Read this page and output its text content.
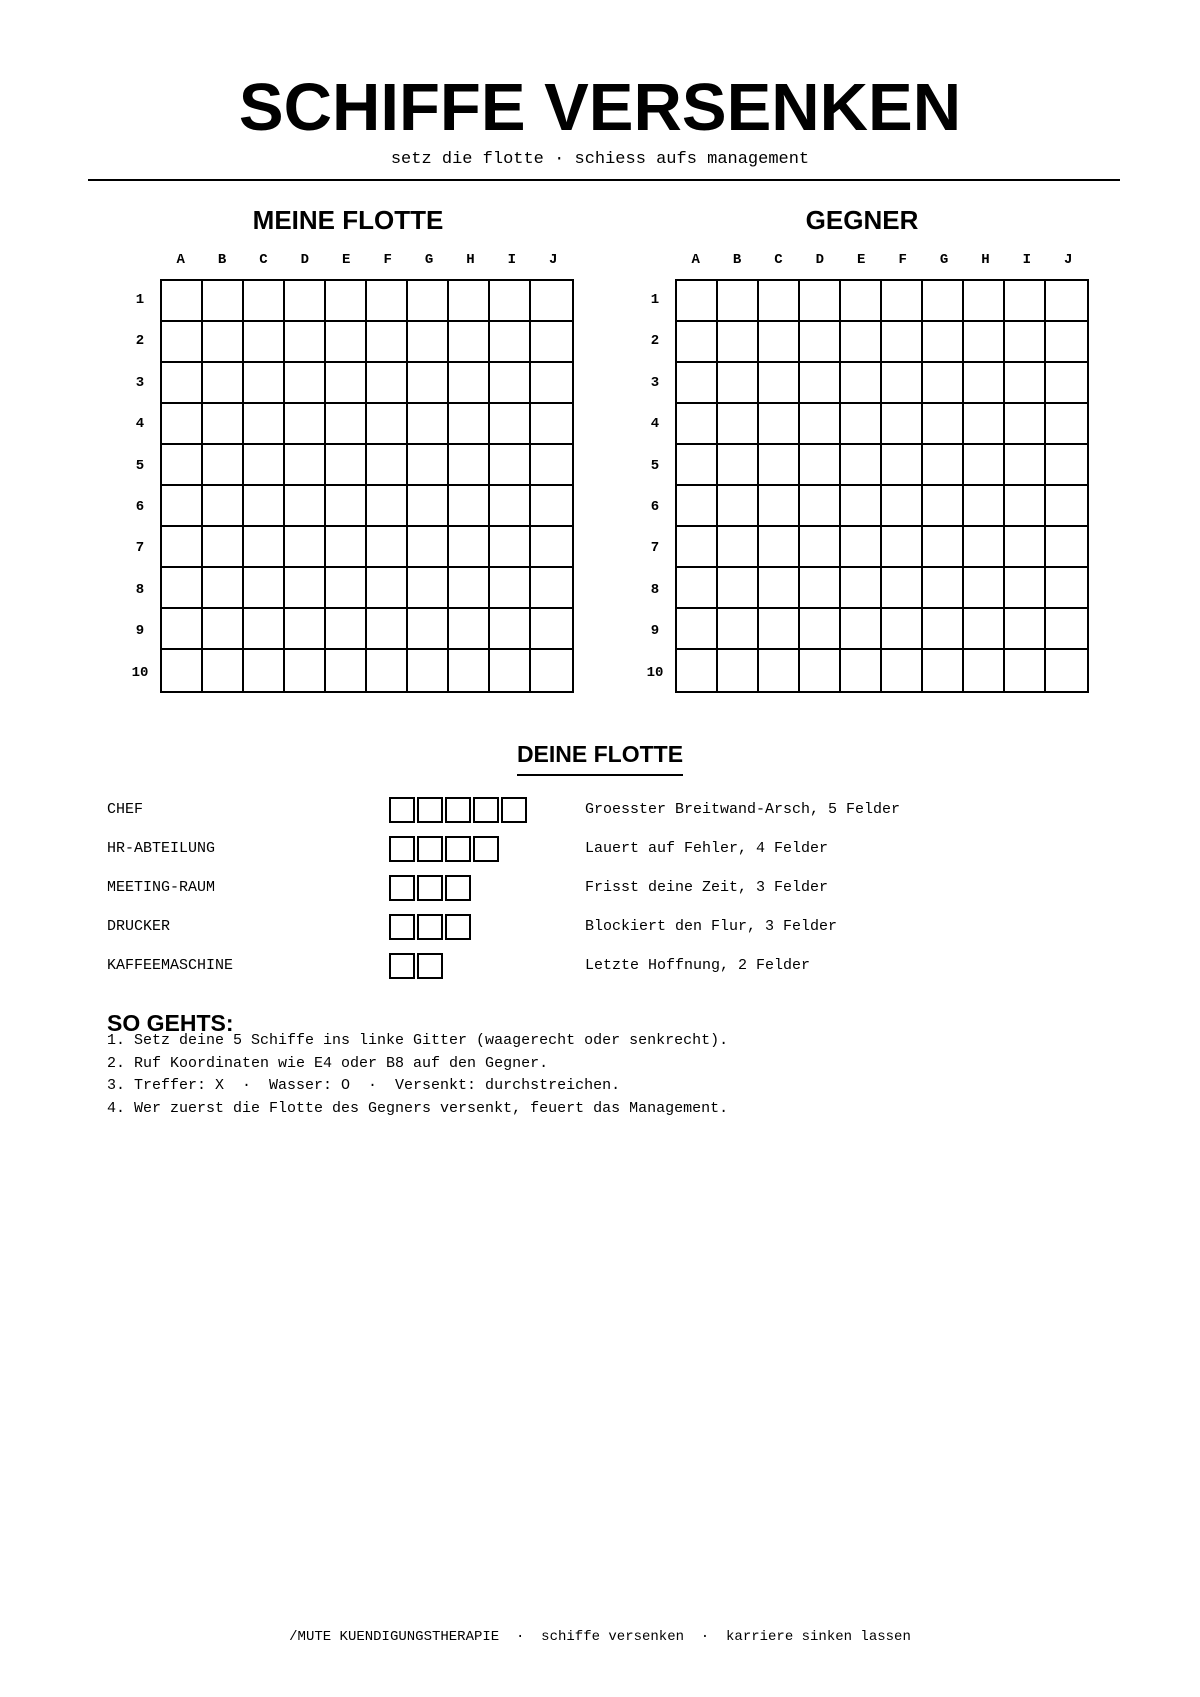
SCHIFFE VERSENKEN
setz die flotte · schiess aufs management
MEINE FLOTTE
A	B	C	D	E	F	G	H	I	J
1
2
3
4
5
6
7
8
9
10
GEGNER
A	B	C	D	E	F	G	H	I	J
1
2
3
4
5
6
7
8
9
10
DEINE FLOTTE
CHEF	Groesster Breitwand-Arsch, 5 Felder
HR-ABTEILUNG	Lauert auf Fehler, 4 Felder
MEETING-RAUM	Frisst deine Zeit, 3 Felder
DRUCKER	Blockiert den Flur, 3 Felder
KAFFEEMASCHINE	Letzte Hoffnung, 2 Felder
SO GEHTS:
1. Setz deine 5 Schiffe ins linke Gitter (waagerecht oder senkrecht).
2. Ruf Koordinaten wie E4 oder B8 auf den Gegner.
3. Treffer: X  ·  Wasser: O  ·  Versenkt: durchstreichen.
4. Wer zuerst die Flotte des Gegners versenkt, feuert das Management.
/MUTE KUENDIGUNGSTHERAPIE  ·  schiffe versenken  ·  karriere sinken lassen
